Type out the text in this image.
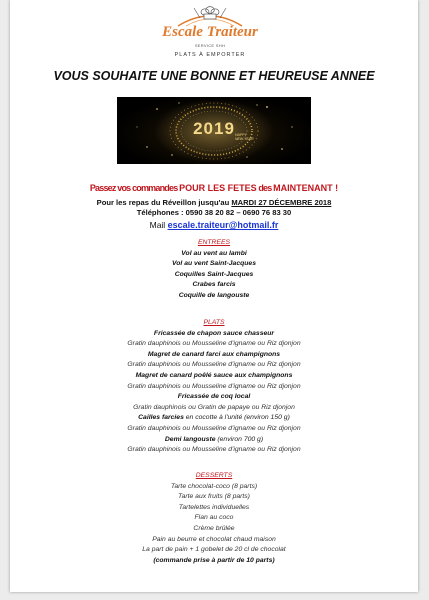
Escale Traiteur
SERVICE SHH
PLATS À EMPORTER
VOUS SOUHAITE UNE BONNE ET HEUREUSE ANNEE
2019 HAPPY
NEW YEAR
Passez vos commandes POUR LES FETES des MAINTENANT !
Pour les repas du Réveillon jusqu'au MARDI 27 DÉCEMBRE 2018
Téléphones : 0590 38 20 82 – 0690 76 83 30
Mail escale.traiteur@hotmail.fr
ENTREES
Vol au vent au lambi
Vol au vent Saint-Jacques
Coquilles Saint-Jacques
Crabes farcis
Coquille de langouste
PLATS
Fricassée de chapon sauce chasseur
Gratin dauphinois ou Mousseline d'igname ou Riz djonjon
Magret de canard farci aux champignons
Gratin dauphinois ou Mousseline d'igname ou Riz djonjon
Magret de canard poêlé sauce aux champignons
Gratin dauphinois ou Mousseline d'igname ou Riz djonjon
Fricassée de coq local
Gratin dauphinois ou Gratin de papaye ou Riz djonjon
Cailles farcies en cocotte à l'unité (environ 150 g)
Gratin dauphinois ou Mousseline d'igname ou Riz djonjon
Demi langouste (environ 700 g)
Gratin dauphinois ou Mousseline d'igname ou Riz djonjon
DESSERTS
Tarte chocolat-coco (8 parts)
Tarte aux fruits (8 parts)
Tartelettes individuelles
Flan au coco
Crème brûlée
Pain au beurre et chocolat chaud maison
La part de pain + 1 gobelet de 20 cl de chocolat
(commande prise à partir de 10 parts)
